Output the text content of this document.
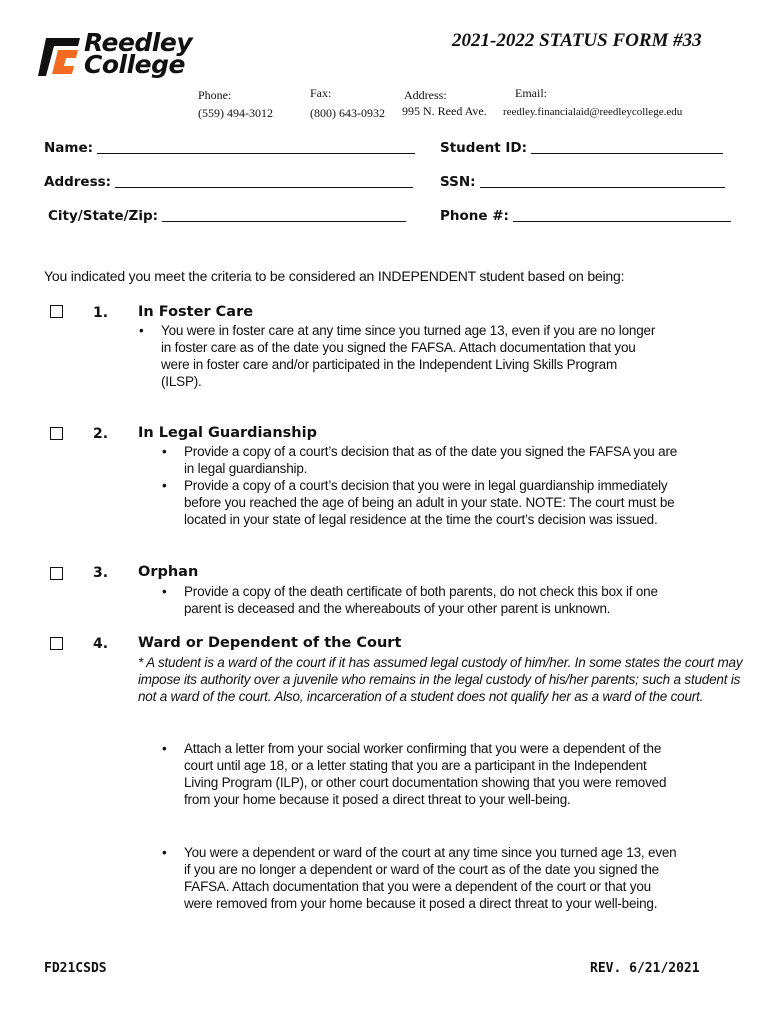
Reedley
College
2021-2022 STATUS FORM #33
Phone:
(559) 494-3012
Fax:
(800) 643-0932
Address:
995 N. Reed Ave.
Email:
reedley.financialaid@reedleycollege.edu
Name:	Student ID:
Address:	SSN:
City/State/Zip:	Phone #:
You indicated you meet the criteria to be considered an INDEPENDENT student based on being:
1. In Foster Care
• You were in foster care at any time since you turned age 13, even if you are no longer in foster care as of the date you signed the FAFSA. Attach documentation that you were in foster care and/or participated in the Independent Living Skills Program (ILSP).
2. In Legal Guardianship
• Provide a copy of a court’s decision that as of the date you signed the FAFSA you are in legal guardianship.
• Provide a copy of a court’s decision that you were in legal guardianship immediately before you reached the age of being an adult in your state. NOTE: The court must be located in your state of legal residence at the time the court’s decision was issued.
3. Orphan
• Provide a copy of the death certificate of both parents, do not check this box if one parent is deceased and the whereabouts of your other parent is unknown.
4. Ward or Dependent of the Court
* A student is a ward of the court if it has assumed legal custody of him/her. In some states the court may impose its authority over a juvenile who remains in the legal custody of his/her parents; such a student is not a ward of the court. Also, incarceration of a student does not qualify her as a ward of the court.
• Attach a letter from your social worker confirming that you were a dependent of the court until age 18, or a letter stating that you are a participant in the Independent Living Program (ILP), or other court documentation showing that you were removed from your home because it posed a direct threat to your well-being.
• You were a dependent or ward of the court at any time since you turned age 13, even if you are no longer a dependent or ward of the court as of the date you signed the FAFSA. Attach documentation that you were a dependent of the court or that you were removed from your home because it posed a direct threat to your well-being.
FD21CSDS	REV. 6/21/2021
